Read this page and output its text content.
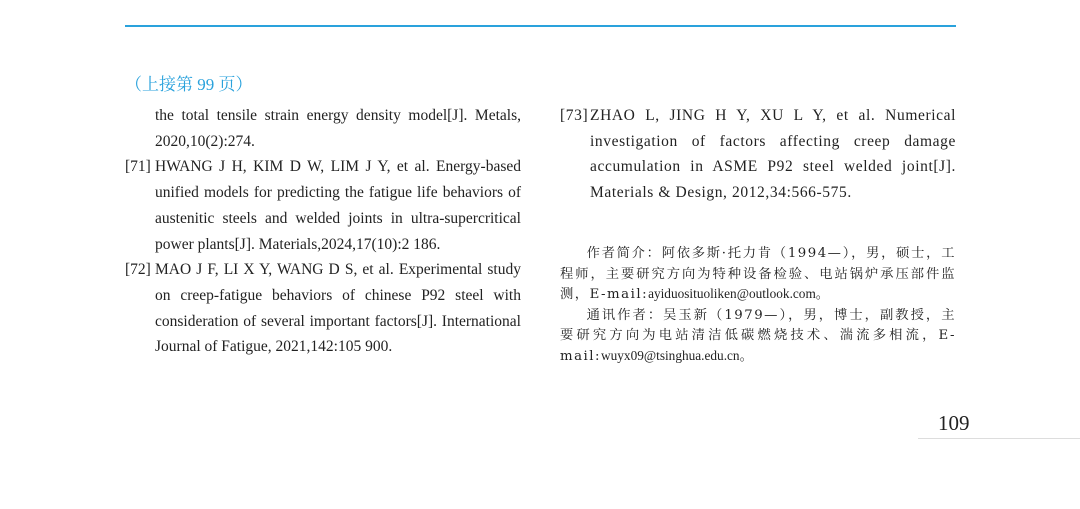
（上接第 99 页）
the total tensile strain energy density model[J]. Metals, 2020,10(2):274.
[71] HWANG J H, KIM D W, LIM J Y, et al. Energy-based unified models for predicting the fatigue life behaviors of austenitic steels and welded joints in ultra-supercritical power plants[J]. Materials,2024,17(10):2 186.
[72] MAO J F, LI X Y, WANG D S, et al. Experimental study on creep-fatigue behaviors of chinese P92 steel with consideration of several important factors[J]. International Journal of Fatigue, 2021,142:105 900.
[73] ZHAO L, JING H Y, XU L Y, et al. Numerical investigation of factors affecting creep damage accumulation in ASME P92 steel welded joint[J]. Materials & Design, 2012,34:566-575.

作者简介：阿依多斯·托力肯（1994—），男，硕士，工程师，主要研究方向为特种设备检验、电站锅炉承压部件监测，E-mail:ayiduosituoliken@outlook.com。

通讯作者：吴玉新（1979—），男，博士，副教授，主要研究方向为电站清洁低碳燃烧技术、湍流多相流，E-mail:wuyx09@tsinghua.edu.cn。

109
